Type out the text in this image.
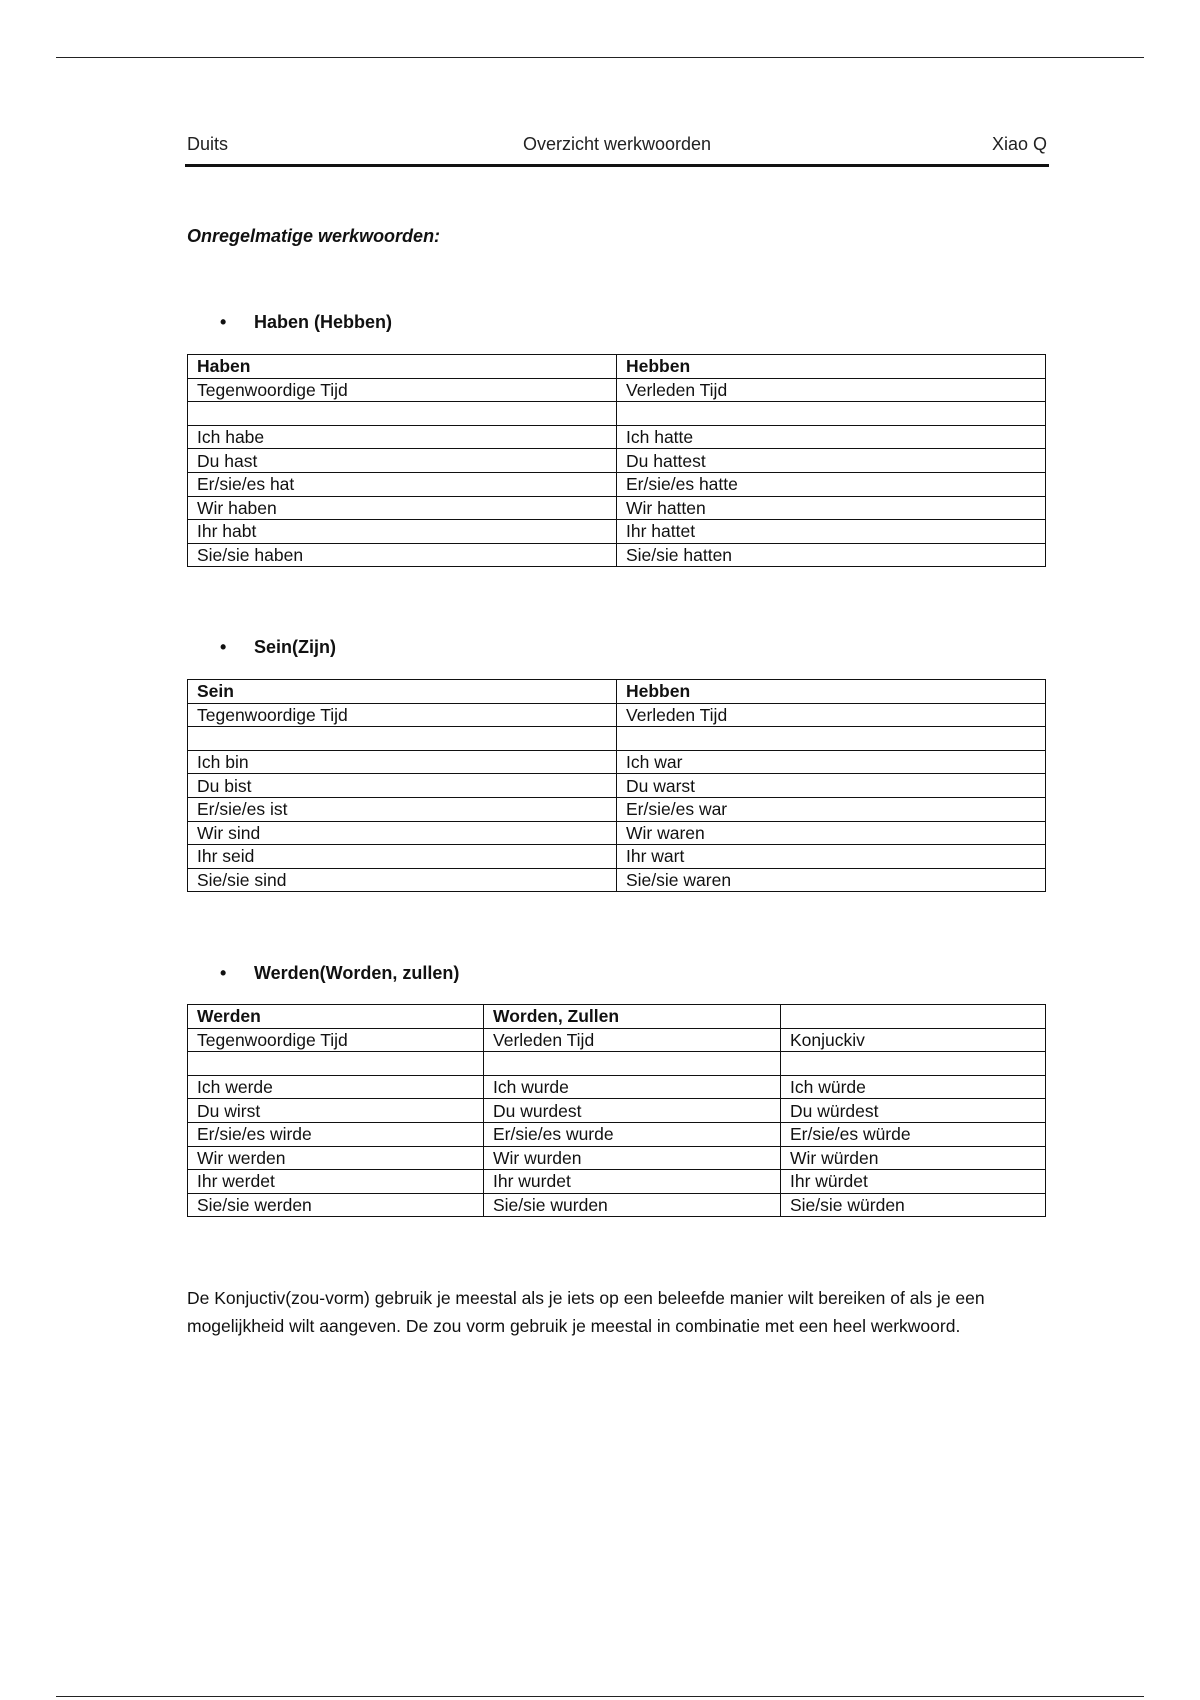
Duits	Overzicht werkwoorden	Xiao Q
Onregelmatige werkwoorden:
• Haben (Hebben)
Haben	Hebben
Tegenwoordige Tijd	Verleden Tijd

Ich habe	Ich hatte
Du hast	Du hattest
Er/sie/es hat	Er/sie/es hatte
Wir haben	Wir hatten
Ihr habt	Ihr hattet
Sie/sie haben	Sie/sie hatten
• Sein(Zijn)
Sein	Hebben
Tegenwoordige Tijd	Verleden Tijd

Ich bin	Ich war
Du bist	Du warst
Er/sie/es ist	Er/sie/es war
Wir sind	Wir waren
Ihr seid	Ihr wart
Sie/sie sind	Sie/sie waren
• Werden(Worden, zullen)
Werden	Worden, Zullen	
Tegenwoordige Tijd	Verleden Tijd	Konjuckiv

Ich werde	Ich wurde	Ich würde
Du wirst	Du wurdest	Du würdest
Er/sie/es wirde	Er/sie/es wurde	Er/sie/es würde
Wir werden	Wir wurden	Wir würden
Ihr werdet	Ihr wurdet	Ihr würdet
Sie/sie werden	Sie/sie wurden	Sie/sie würden
De Konjuctiv(zou-vorm) gebruik je meestal als je iets op een beleefde manier wilt bereiken of als je een mogelijkheid wilt aangeven. De zou vorm gebruik je meestal in combinatie met een heel werkwoord.
